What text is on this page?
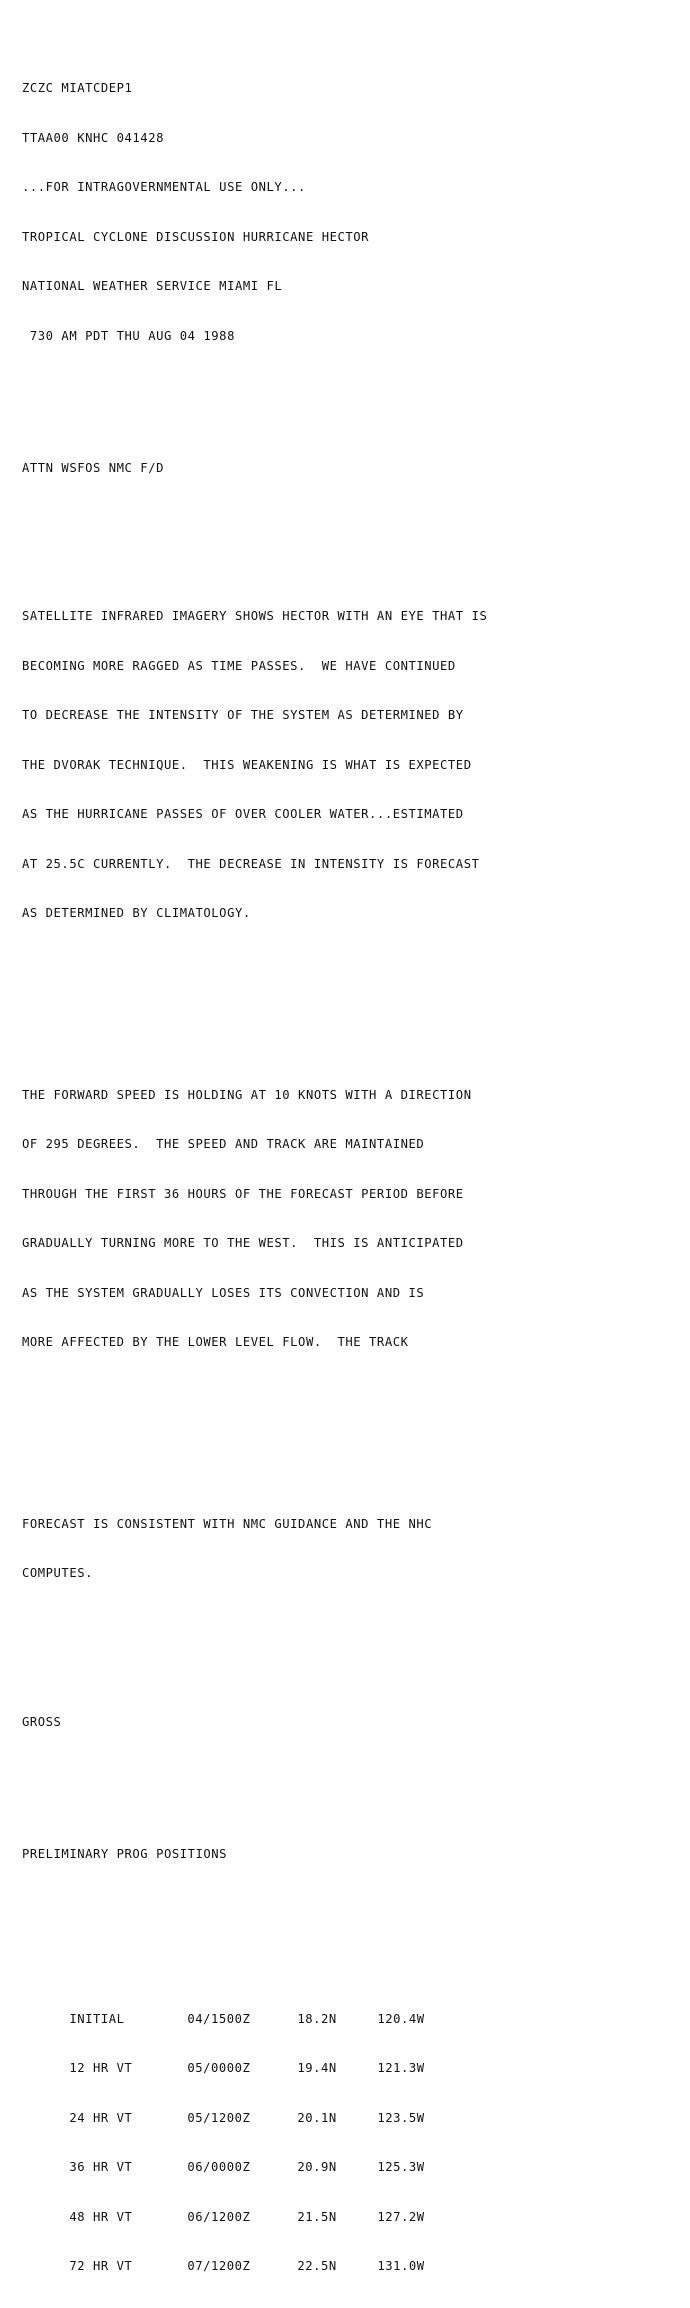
ZCZC MIATCDEP1

TTAA00 KNHC 041428

...FOR INTRAGOVERNMENTAL USE ONLY...

TROPICAL CYCLONE DISCUSSION HURRICANE HECTOR

NATIONAL WEATHER SERVICE MIAMI FL

730 AM PDT THU AUG 04 1988

ATTN WSFOS NMC F/D

SATELLITE INFRARED IMAGERY SHOWS HECTOR WITH AN EYE THAT IS

BECOMING MORE RAGGED AS TIME PASSES.  WE HAVE CONTINUED

TO DECREASE THE INTENSITY OF THE SYSTEM AS DETERMINED BY

THE DVORAK TECHNIQUE.  THIS WEAKENING IS WHAT IS EXPECTED

AS THE HURRICANE PASSES OF OVER COOLER WATER...ESTIMATED

AT 25.5C CURRENTLY.  THE DECREASE IN INTENSITY IS FORECAST

AS DETERMINED BY CLIMATOLOGY.

THE FORWARD SPEED IS HOLDING AT 10 KNOTS WITH A DIRECTION

OF 295 DEGREES.  THE SPEED AND TRACK ARE MAINTAINED

THROUGH THE FIRST 36 HOURS OF THE FORECAST PERIOD BEFORE

GRADUALLY TURNING MORE TO THE WEST.  THIS IS ANTICIPATED

AS THE SYSTEM GRADUALLY LOSES ITS CONVECTION AND IS

MORE AFFECTED BY THE LOWER LEVEL FLOW.  THE TRACK

FORECAST IS CONSISTENT WITH NMC GUIDANCE AND THE NHC

COMPUTES.

GROSS

PRELIMINARY PROG POSITIONS

INITIAL	04/1500Z	18.2N	120.4W

12 HR VT	05/0000Z	19.4N	121.3W

24 HR VT	05/1200Z	20.1N	123.5W

36 HR VT	06/0000Z	20.9N	125.3W

48 HR VT	06/1200Z	21.5N	127.2W

72 HR VT	07/1200Z	22.5N	131.0W
